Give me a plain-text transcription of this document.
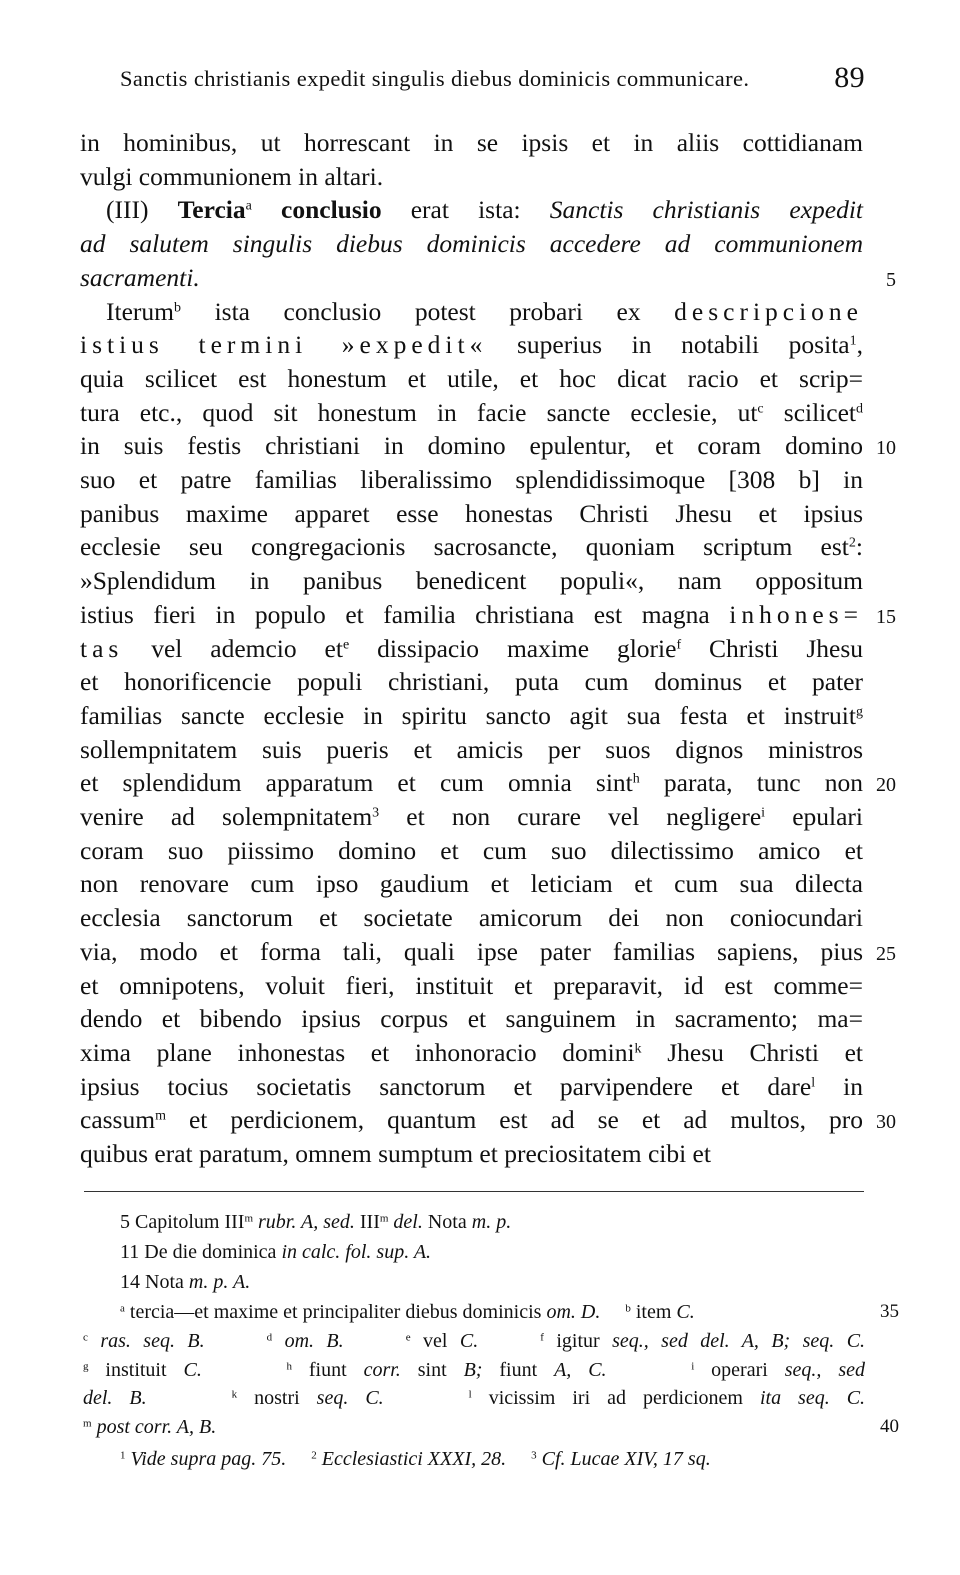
Sanctis christianis expedit singulis diebus dominicis communicare.	89
in hominibus, ut horrescant in se ipsis et in aliis cottidianam
vulgi communionem in altari.
(III) Tercia$^a$ conclusio erat ista: Sanctis christianis expedit
ad salutem singulis diebus dominicis accedere ad communionem
sacramenti.
Iterum$^b$ ista conclusio potest probari ex descripcione
istius termini »expedit« superius in notabili posita$^1$,
quia scilicet est honestum et utile, et hoc dicat racio et scrip=
tura etc., quod sit honestum in facie sancte ecclesie, $ut^c$ scilicet$^d$
in suis festis christiani in domino epulentur, et coram domino
suo et patre familias liberalissimo splendidissimoque [308 b] in
panibus maxime apparet esse honestas Christi Jhesu et ipsius
ecclesie seu congregacionis sacrosancte, quoniam scriptum est$^2$:
»Splendidum in panibus benedicent populi«, nam oppositum
istius fieri in populo et familia christiana est magna inhones=
tas vel ademcio $et^e$ dissipacio maxime glorie$^f$ Christi Jhesu
et honorificencie populi christiani, puta cum dominus et pater
familias sancte ecclesie in spiritu sancto agit sua festa et instruit$^g$
sollempnitatem suis pueris et amicis per suos dignos ministros
et splendidum apparatum et cum omnia sint$^h$ parata, tunc non
venire ad solempnitatem$^3$ et non curare vel negligere$^i$ epulari
coram suo piissimo domino et cum suo dilectissimo amico et
non renovare cum ipso gaudium et leticiam et cum sua dilecta
ecclesia sanctorum et societate amicorum dei non coniocundari
via, modo et forma tali, quali ipse pater familias sapiens, pius
et omnipotens, voluit fieri, instituit et preparavit, id est comme=
dendo et bibendo ipsius corpus et sanguinem in sacramento; ma=
xima plane inhonestas et inhonoracio domini$^k$ Jhesu Christi et
ipsius tocius societatis sanctorum et parvipendere et dare$^l$ in
cassum$^m$ et perdicionem, quantum est ad se et ad multos, pro
quibus erat paratum, omnem sumptum et preciositatem cibi et
5
10
15
20
25
30
5 Capitolum III$^m$ rubr. A, sed. III$^m$ del. Nota m. p.
11 De die dominica in calc. fol. sup. A.
14 Nota m. p. A.
$^a$ tercia—et maxime et principaliter diebus dominicis om. D. $^b$ item C.
$^c$ ras. seq. B.	$^d$ om. B.	$^e$ vel C.	$^f$ igitur seq., sed del. A, B; seq. C.
$^g$ instituit C.	$^h$ fiunt corr. sint B; fiunt A, C.	$^i$ operari seq., sed
del. B.	$^k$ nostri seq. C.	$^l$ vicissim iri ad perdicionem ita seq. C.
$^m$ post corr. A, B.
$^1$ Vide supra pag. 75. $^2$ Ecclesiastici XXXI, 28. $^3$ Cf. Lucae XIV, 17 sq.
35
40
